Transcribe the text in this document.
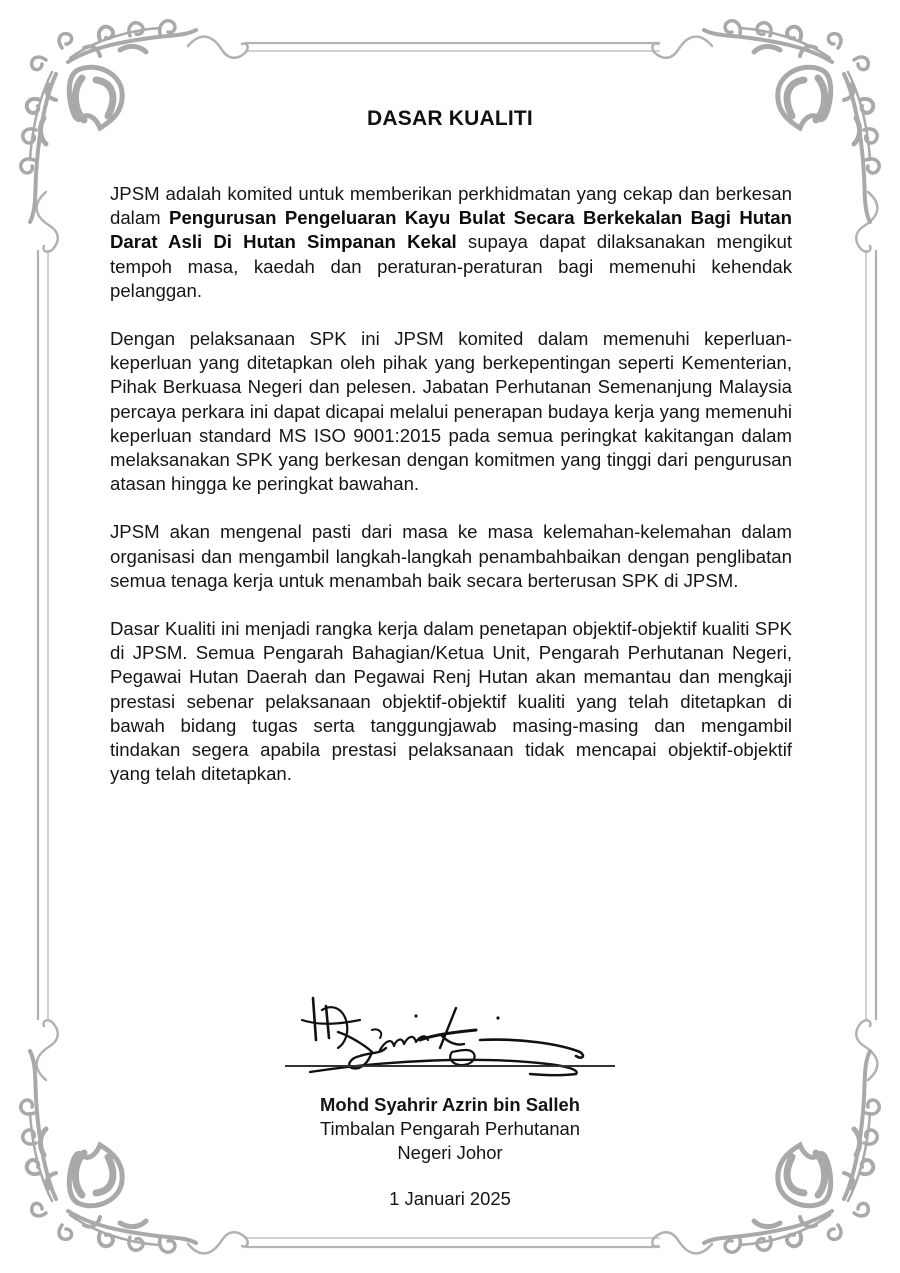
DASAR KUALITI

JPSM adalah komited untuk memberikan perkhidmatan yang cekap dan berkesan dalam Pengurusan Pengeluaran Kayu Bulat Secara Berkekalan Bagi Hutan Darat Asli Di Hutan Simpanan Kekal supaya dapat dilaksanakan mengikut tempoh masa, kaedah dan peraturan-peraturan bagi memenuhi kehendak pelanggan.

Dengan pelaksanaan SPK ini JPSM komited dalam memenuhi keperluan-keperluan yang ditetapkan oleh pihak yang berkepentingan seperti Kementerian, Pihak Berkuasa Negeri dan pelesen. Jabatan Perhutanan Semenanjung Malaysia percaya perkara ini dapat dicapai melalui penerapan budaya kerja yang memenuhi keperluan standard MS ISO 9001:2015 pada semua peringkat kakitangan dalam melaksanakan SPK yang berkesan dengan komitmen yang tinggi dari pengurusan atasan hingga ke peringkat bawahan.

JPSM akan mengenal pasti dari masa ke masa kelemahan-kelemahan dalam organisasi dan mengambil langkah-langkah penambahbaikan dengan penglibatan semua tenaga kerja untuk menambah baik secara berterusan SPK di JPSM.

Dasar Kualiti ini menjadi rangka kerja dalam penetapan objektif-objektif kualiti SPK di JPSM. Semua Pengarah Bahagian/Ketua Unit, Pengarah Perhutanan Negeri, Pegawai Hutan Daerah dan Pegawai Renj Hutan akan memantau dan mengkaji prestasi sebenar pelaksanaan objektif-objektif kualiti yang telah ditetapkan di bawah bidang tugas serta tanggungjawab masing-masing dan mengambil tindakan segera apabila prestasi pelaksanaan tidak mencapai objektif-objektif yang telah ditetapkan.

Mohd Syahrir Azrin bin Salleh
Timbalan Pengarah Perhutanan
Negeri Johor
1 Januari 2025
